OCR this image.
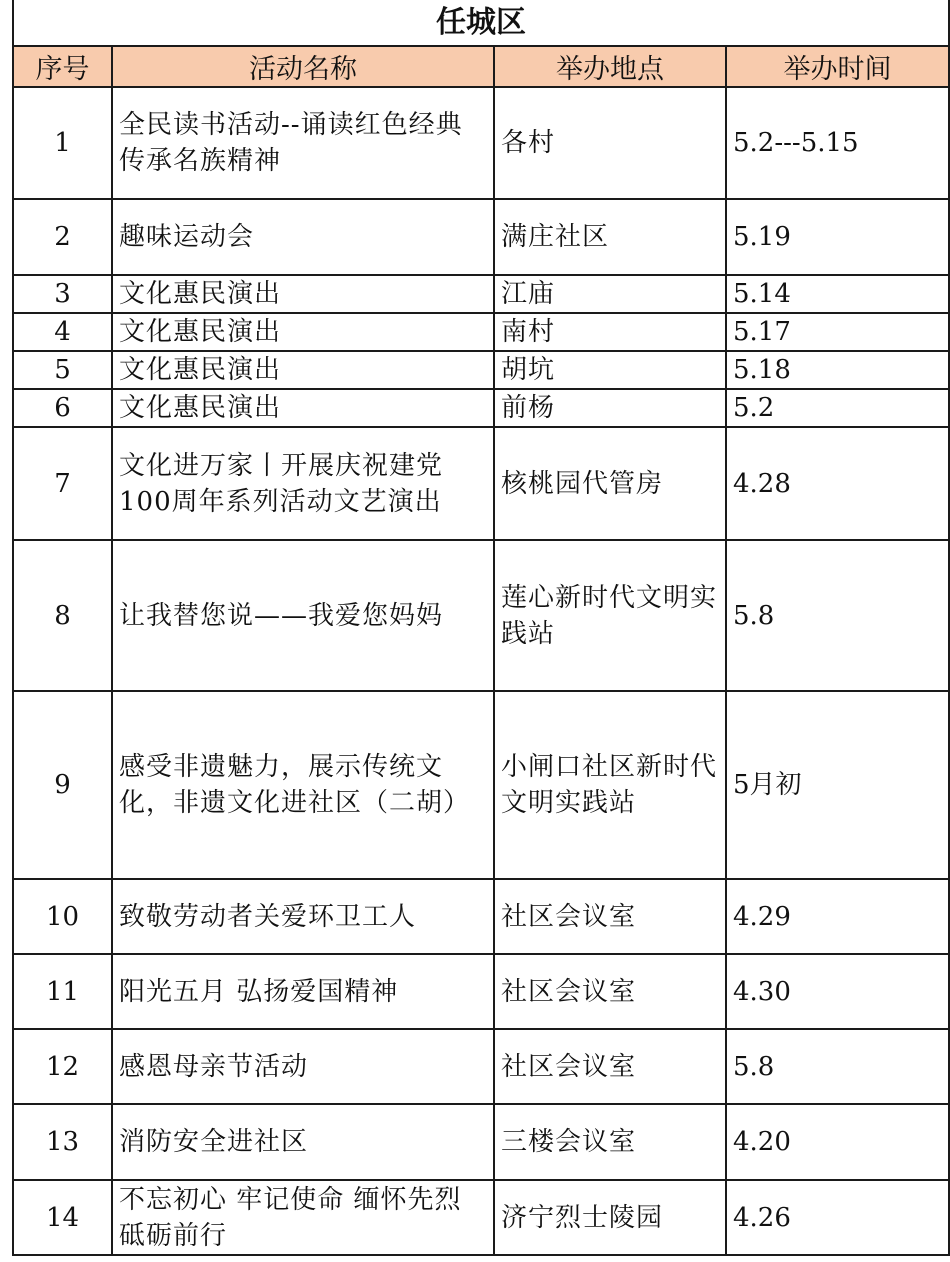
任城区			
序号	活动名称	举办地点	举办时间
1	全民读书活动--诵读红色经典 传承名族精神	各村	5.2---5.15
2	趣味运动会	满庄社区	5.19
3	文化惠民演出	江庙	5.14
4	文化惠民演出	南村	5.17
5	文化惠民演出	胡坑	5.18
6	文化惠民演出	前杨	5.2
7	文化进万家丨开展庆祝建党100周年系列活动文艺演出	核桃园代管房	4.28
8	让我替您说——我爱您妈妈	莲心新时代文明实践站	5.8
9	感受非遗魅力，展示传统文化，非遗文化进社区（二胡）	小闸口社区新时代文明实践站	5月初
10	致敬劳动者关爱环卫工人	社区会议室	4.29
11	阳光五月 弘扬爱国精神	社区会议室	4.30
12	感恩母亲节活动	社区会议室	5.8
13	消防安全进社区	三楼会议室	4.20
14	不忘初心 牢记使命 缅怀先烈 砥砺前行	济宁烈士陵园	4.26
